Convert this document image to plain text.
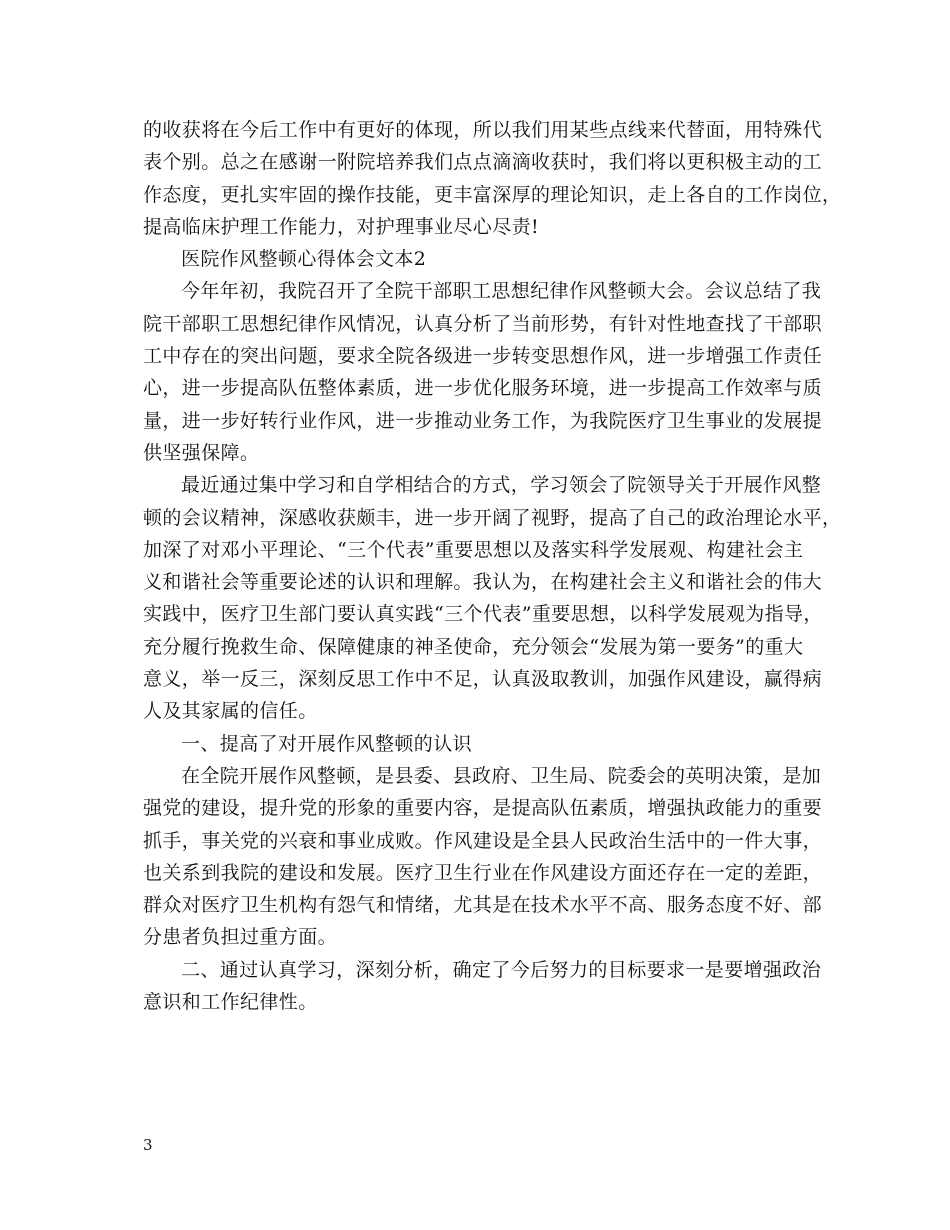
的收获将在今后工作中有更好的体现，所以我们用某些点线来代替面，用特殊代
表个别。总之在感谢一附院培养我们点点滴滴收获时，我们将以更积极主动的工
作态度，更扎实牢固的操作技能，更丰富深厚的理论知识，走上各自的工作岗位，
提高临床护理工作能力，对护理事业尽心尽责!
医院作风整顿心得体会文本2
今年年初，我院召开了全院干部职工思想纪律作风整顿大会。会议总结了我
院干部职工思想纪律作风情况，认真分析了当前形势，有针对性地查找了干部职
工中存在的突出问题，要求全院各级进一步转变思想作风，进一步增强工作责任
心，进一步提高队伍整体素质，进一步优化服务环境，进一步提高工作效率与质
量，进一步好转行业作风，进一步推动业务工作，为我院医疗卫生事业的发展提
供坚强保障。
最近通过集中学习和自学相结合的方式，学习领会了院领导关于开展作风整
顿的会议精神，深感收获颇丰，进一步开阔了视野，提高了自己的政治理论水平，
加深了对邓小平理论、“三个代表”重要思想以及落实科学发展观、构建社会主
义和谐社会等重要论述的认识和理解。我认为，在构建社会主义和谐社会的伟大
实践中，医疗卫生部门要认真实践“三个代表”重要思想，以科学发展观为指导，
充分履行挽救生命、保障健康的神圣使命，充分领会“发展为第一要务”的重大
意义，举一反三，深刻反思工作中不足，认真汲取教训，加强作风建设，赢得病
人及其家属的信任。
一、提高了对开展作风整顿的认识
在全院开展作风整顿，是县委、县政府、卫生局、院委会的英明决策，是加
强党的建设，提升党的形象的重要内容，是提高队伍素质，增强执政能力的重要
抓手，事关党的兴衰和事业成败。作风建设是全县人民政治生活中的一件大事，
也关系到我院的建设和发展。医疗卫生行业在作风建设方面还存在一定的差距，
群众对医疗卫生机构有怨气和情绪，尤其是在技术水平不高、服务态度不好、部
分患者负担过重方面。
二、通过认真学习，深刻分析，确定了今后努力的目标要求一是要增强政治
意识和工作纪律性。
3
